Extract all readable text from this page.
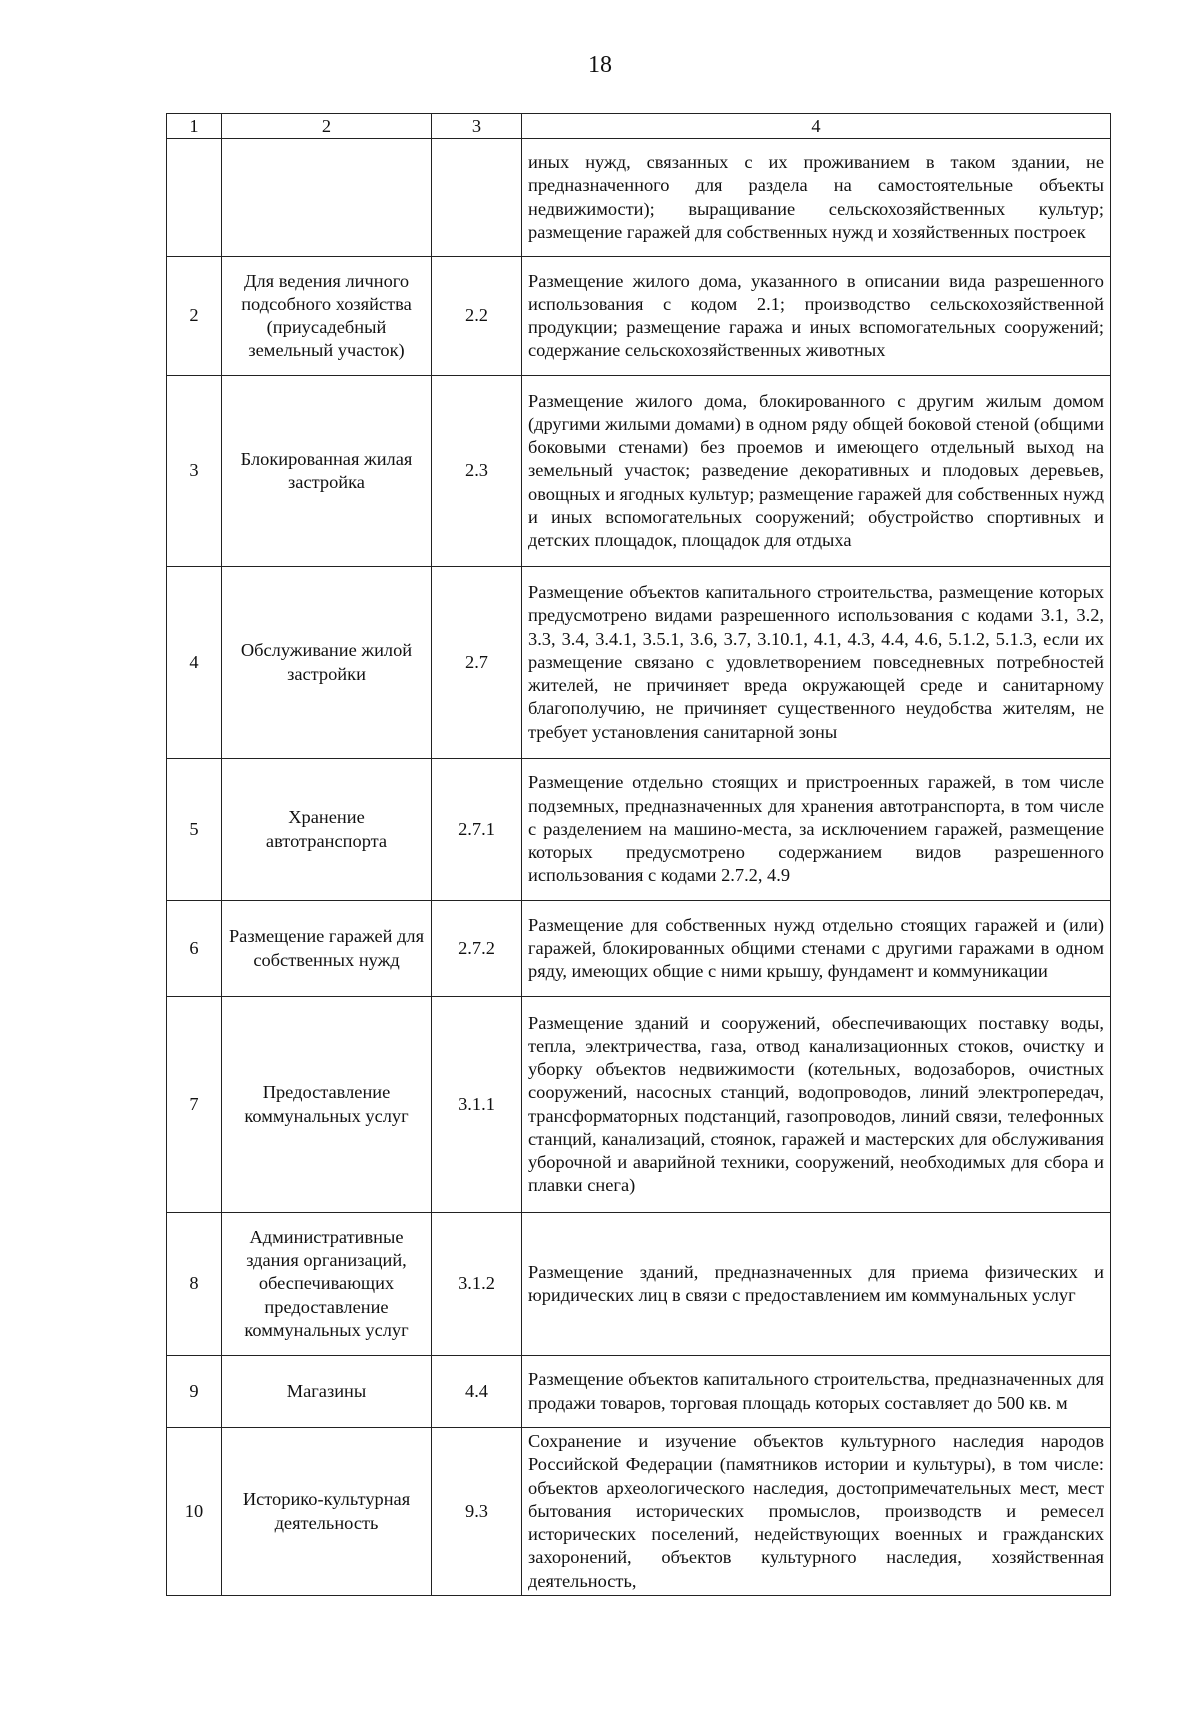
18
1	2	3	4
			иных нужд, связанных с их проживанием в таком здании, не предназначенного для раздела на самостоятельные объекты недвижимости); выращивание сельскохозяйственных культур; размещение гаражей для собственных нужд и хозяйственных построек
2	Для ведения личного подсобного хозяйства (приусадебный земельный участок)	2.2	Размещение жилого дома, указанного в описании вида разрешенного использования с кодом 2.1; производство сельскохозяйственной продукции; размещение гаража и иных вспомогательных сооружений; содержание сельскохозяйственных животных
3	Блокированная жилая застройка	2.3	Размещение жилого дома, блокированного с другим жилым домом (другими жилыми домами) в одном ряду общей боковой стеной (общими боковыми стенами) без проемов и имеющего отдельный выход на земельный участок; разведение декоративных и плодовых деревьев, овощных и ягодных культур; размещение гаражей для собственных нужд и иных вспомогательных сооружений; обустройство спортивных и детских площадок, площадок для отдыха
4	Обслуживание жилой застройки	2.7	Размещение объектов капитального строительства, размещение которых предусмотрено видами разрешенного использования с кодами 3.1, 3.2, 3.3, 3.4, 3.4.1, 3.5.1, 3.6, 3.7, 3.10.1, 4.1, 4.3, 4.4, 4.6, 5.1.2, 5.1.3, если их размещение связано с удовлетворением повседневных потребностей жителей, не причиняет вреда окружающей среде и санитарному благополучию, не причиняет существенного неудобства жителям, не требует установления санитарной зоны
5	Хранение автотранспорта	2.7.1	Размещение отдельно стоящих и пристроенных гаражей, в том числе подземных, предназначенных для хранения автотранспорта, в том числе с разделением на машино-места, за исключением гаражей, размещение которых предусмотрено содержанием видов разрешенного использования с кодами 2.7.2, 4.9
6	Размещение гаражей для собственных нужд	2.7.2	Размещение для собственных нужд отдельно стоящих гаражей и (или) гаражей, блокированных общими стенами с другими гаражами в одном ряду, имеющих общие с ними крышу, фундамент и коммуникации
7	Предоставление коммунальных услуг	3.1.1	Размещение зданий и сооружений, обеспечивающих поставку воды, тепла, электричества, газа, отвод канализационных стоков, очистку и уборку объектов недвижимости (котельных, водозаборов, очистных сооружений, насосных станций, водопроводов, линий электропередач, трансформаторных подстанций, газопроводов, линий связи, телефонных станций, канализаций, стоянок, гаражей и мастерских для обслуживания уборочной и аварийной техники, сооружений, необходимых для сбора и плавки снега)
8	Административные здания организаций, обеспечивающих предоставление коммунальных услуг	3.1.2	Размещение зданий, предназначенных для приема физических и юридических лиц в связи с предоставлением им коммунальных услуг
9	Магазины	4.4	Размещение объектов капитального строительства, предназначенных для продажи товаров, торговая площадь которых составляет до 500 кв. м
10	Историко-культурная деятельность	9.3	Сохранение и изучение объектов культурного наследия народов Российской Федерации (памятников истории и культуры), в том числе: объектов археологического наследия, достопримечательных мест, мест бытования исторических промыслов, производств и ремесел исторических поселений, недействующих военных и гражданских захоронений, объектов культурного наследия, хозяйственная деятельность,
